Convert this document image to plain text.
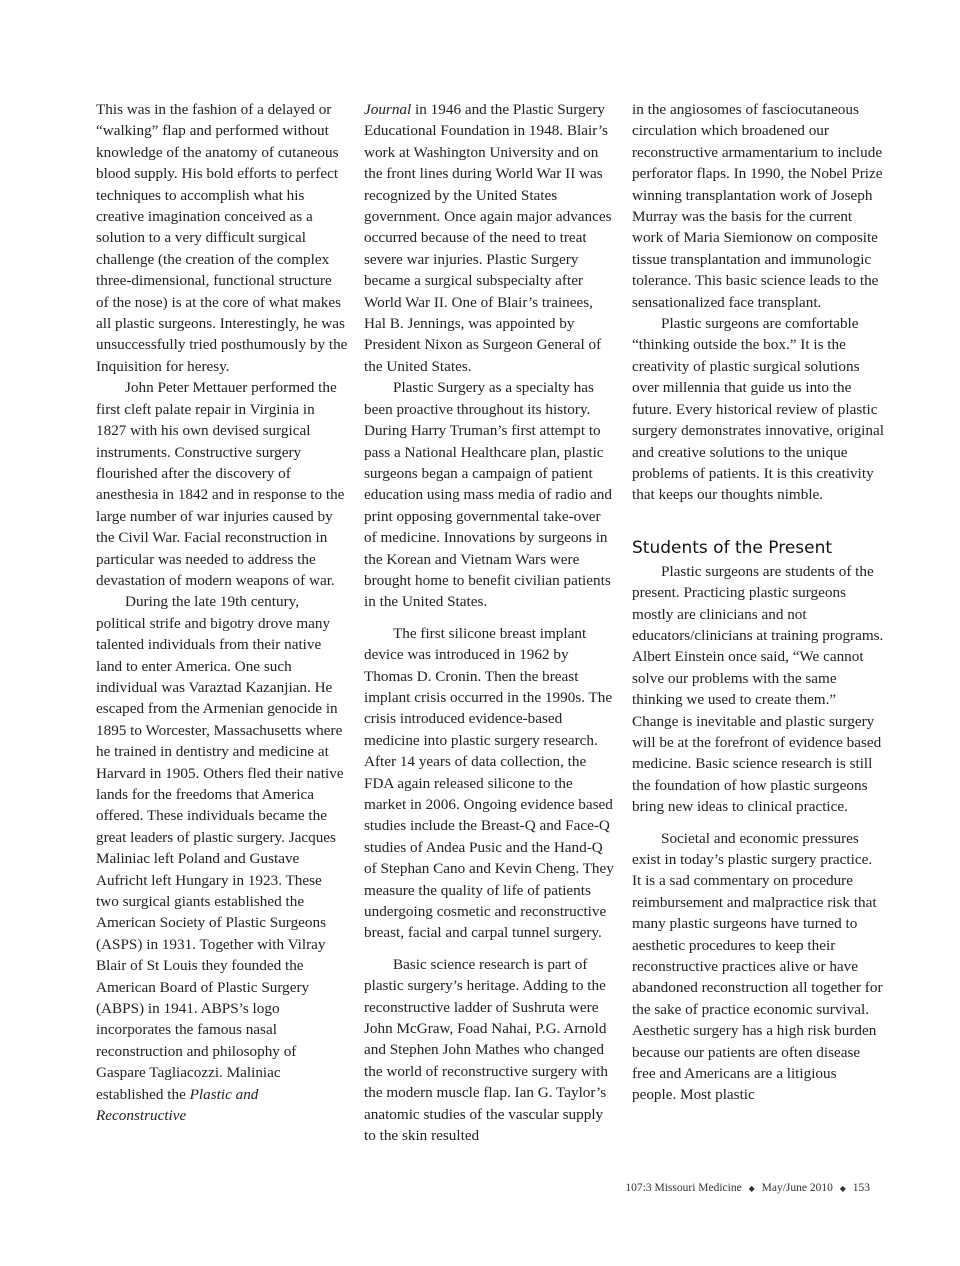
This was in the fashion of a delayed or “walking” flap and performed without knowledge of the anatomy of cutaneous blood supply. His bold efforts to perfect techniques to accomplish what his creative imagination conceived as a solution to a very difficult surgical challenge (the creation of the complex three-dimensional, functional structure of the nose) is at the core of what makes all plastic surgeons. Interestingly, he was unsuccessfully tried posthumously by the Inquisition for heresy.

John Peter Mettauer performed the first cleft palate repair in Virginia in 1827 with his own devised surgical instruments. Constructive surgery flourished after the discovery of anesthesia in 1842 and in response to the large number of war injuries caused by the Civil War. Facial reconstruction in particular was needed to address the devastation of modern weapons of war.

During the late 19th century, political strife and bigotry drove many talented individuals from their native land to enter America. One such individual was Varaztad Kazanjian. He escaped from the Armenian genocide in 1895 to Worcester, Massachusetts where he trained in dentistry and medicine at Harvard in 1905. Others fled their native lands for the freedoms that America offered. These individuals became the great leaders of plastic surgery. Jacques Maliniac left Poland and Gustave Aufricht left Hungary in 1923. These two surgical giants established the American Society of Plastic Surgeons (ASPS) in 1931. Together with Vilray Blair of St Louis they founded the American Board of Plastic Surgery (ABPS) in 1941. ABPS’s logo incorporates the famous nasal reconstruction and philosophy of Gaspare Tagliacozzi. Maliniac established the Plastic and Reconstructive

Journal in 1946 and the Plastic Surgery Educational Foundation in 1948. Blair’s work at Washington University and on the front lines during World War II was recognized by the United States government. Once again major advances occurred because of the need to treat severe war injuries. Plastic Surgery became a surgical subspecialty after World War II. One of Blair’s trainees, Hal B. Jennings, was appointed by President Nixon as Surgeon General of the United States.

Plastic Surgery as a specialty has been proactive throughout its history. During Harry Truman’s first attempt to pass a National Healthcare plan, plastic surgeons began a campaign of patient education using mass media of radio and print opposing governmental take-over of medicine. Innovations by surgeons in the Korean and Vietnam Wars were brought home to benefit civilian patients in the United States.

The first silicone breast implant device was introduced in 1962 by Thomas D. Cronin. Then the breast implant crisis occurred in the 1990s. The crisis introduced evidence-based medicine into plastic surgery research. After 14 years of data collection, the FDA again released silicone to the market in 2006. Ongoing evidence based studies include the Breast-Q and Face-Q studies of Andea Pusic and the Hand-Q of Stephan Cano and Kevin Cheng. They measure the quality of life of patients undergoing cosmetic and reconstructive breast, facial and carpal tunnel surgery.

Basic science research is part of plastic surgery’s heritage. Adding to the reconstructive ladder of Sushruta were John McGraw, Foad Nahai, P.G. Arnold and Stephen John Mathes who changed the world of reconstructive surgery with the modern muscle flap. Ian G. Taylor’s anatomic studies of the vascular supply to the skin resulted

in the angiosomes of fasciocutaneous circulation which broadened our reconstructive armamentarium to include perforator flaps. In 1990, the Nobel Prize winning transplantation work of Joseph Murray was the basis for the current work of Maria Siemionow on composite tissue transplantation and immunologic tolerance. This basic science leads to the sensationalized face transplant.

Plastic surgeons are comfortable “thinking outside the box.” It is the creativity of plastic surgical solutions over millennia that guide us into the future. Every historical review of plastic surgery demonstrates innovative, original and creative solutions to the unique problems of patients. It is this creativity that keeps our thoughts nimble.

Students of the Present

Plastic surgeons are students of the present. Practicing plastic surgeons mostly are clinicians and not educators/clinicians at training programs. Albert Einstein once said, “We cannot solve our problems with the same thinking we used to create them.” Change is inevitable and plastic surgery will be at the forefront of evidence based medicine. Basic science research is still the foundation of how plastic surgeons bring new ideas to clinical practice.

Societal and economic pressures exist in today’s plastic surgery practice. It is a sad commentary on procedure reimbursement and malpractice risk that many plastic surgeons have turned to aesthetic procedures to keep their reconstructive practices alive or have abandoned reconstruction all together for the sake of practice economic survival. Aesthetic surgery has a high risk burden because our patients are often disease free and Americans are a litigious people. Most plastic

107:3 Missouri Medicine ◆ May/June 2010 ◆ 153
